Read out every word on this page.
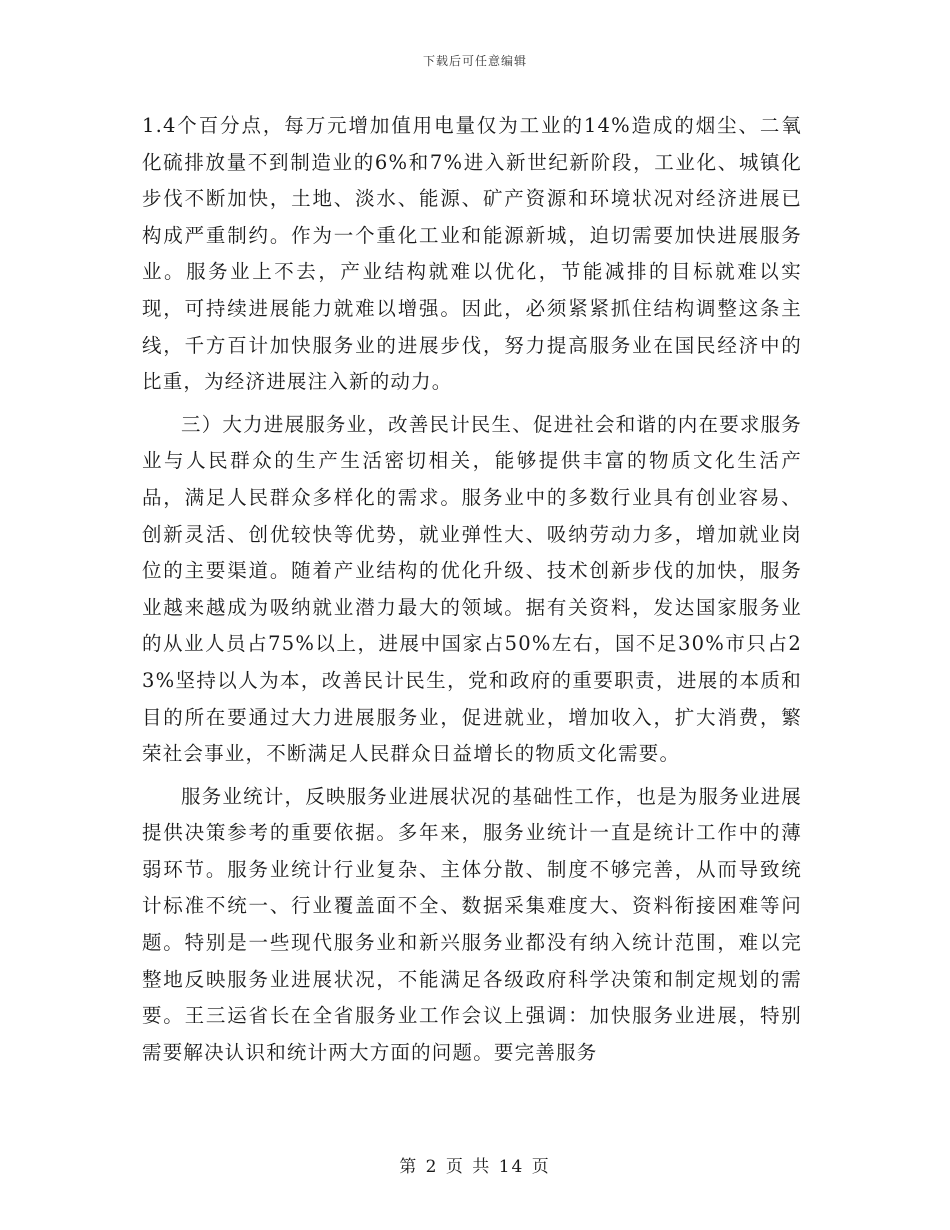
下载后可任意编辑

1.4个百分点，每万元增加值用电量仅为工业的14%造成的烟尘、二氧化硫排放量不到制造业的6%和7%进入新世纪新阶段，工业化、城镇化步伐不断加快，土地、淡水、能源、矿产资源和环境状况对经济进展已构成严重制约。作为一个重化工业和能源新城，迫切需要加快进展服务业。服务业上不去，产业结构就难以优化，节能减排的目标就难以实现，可持续进展能力就难以增强。因此，必须紧紧抓住结构调整这条主线，千方百计加快服务业的进展步伐，努力提高服务业在国民经济中的比重，为经济进展注入新的动力。

三）大力进展服务业，改善民计民生、促进社会和谐的内在要求服务业与人民群众的生产生活密切相关，能够提供丰富的物质文化生活产品，满足人民群众多样化的需求。服务业中的多数行业具有创业容易、创新灵活、创优较快等优势，就业弹性大、吸纳劳动力多，增加就业岗位的主要渠道。随着产业结构的优化升级、技术创新步伐的加快，服务业越来越成为吸纳就业潜力最大的领域。据有关资料，发达国家服务业的从业人员占75%以上，进展中国家占50%左右，国不足30%市只占23%坚持以人为本，改善民计民生，党和政府的重要职责，进展的本质和目的所在要通过大力进展服务业，促进就业，增加收入，扩大消费，繁荣社会事业，不断满足人民群众日益增长的物质文化需要。

服务业统计，反映服务业进展状况的基础性工作，也是为服务业进展提供决策参考的重要依据。多年来，服务业统计一直是统计工作中的薄弱环节。服务业统计行业复杂、主体分散、制度不够完善，从而导致统计标准不统一、行业覆盖面不全、数据采集难度大、资料衔接困难等问题。特别是一些现代服务业和新兴服务业都没有纳入统计范围，难以完整地反映服务业进展状况，不能满足各级政府科学决策和制定规划的需要。王三运省长在全省服务业工作会议上强调：加快服务业进展，特别需要解决认识和统计两大方面的问题。要完善服务

第 2 页 共 14 页
